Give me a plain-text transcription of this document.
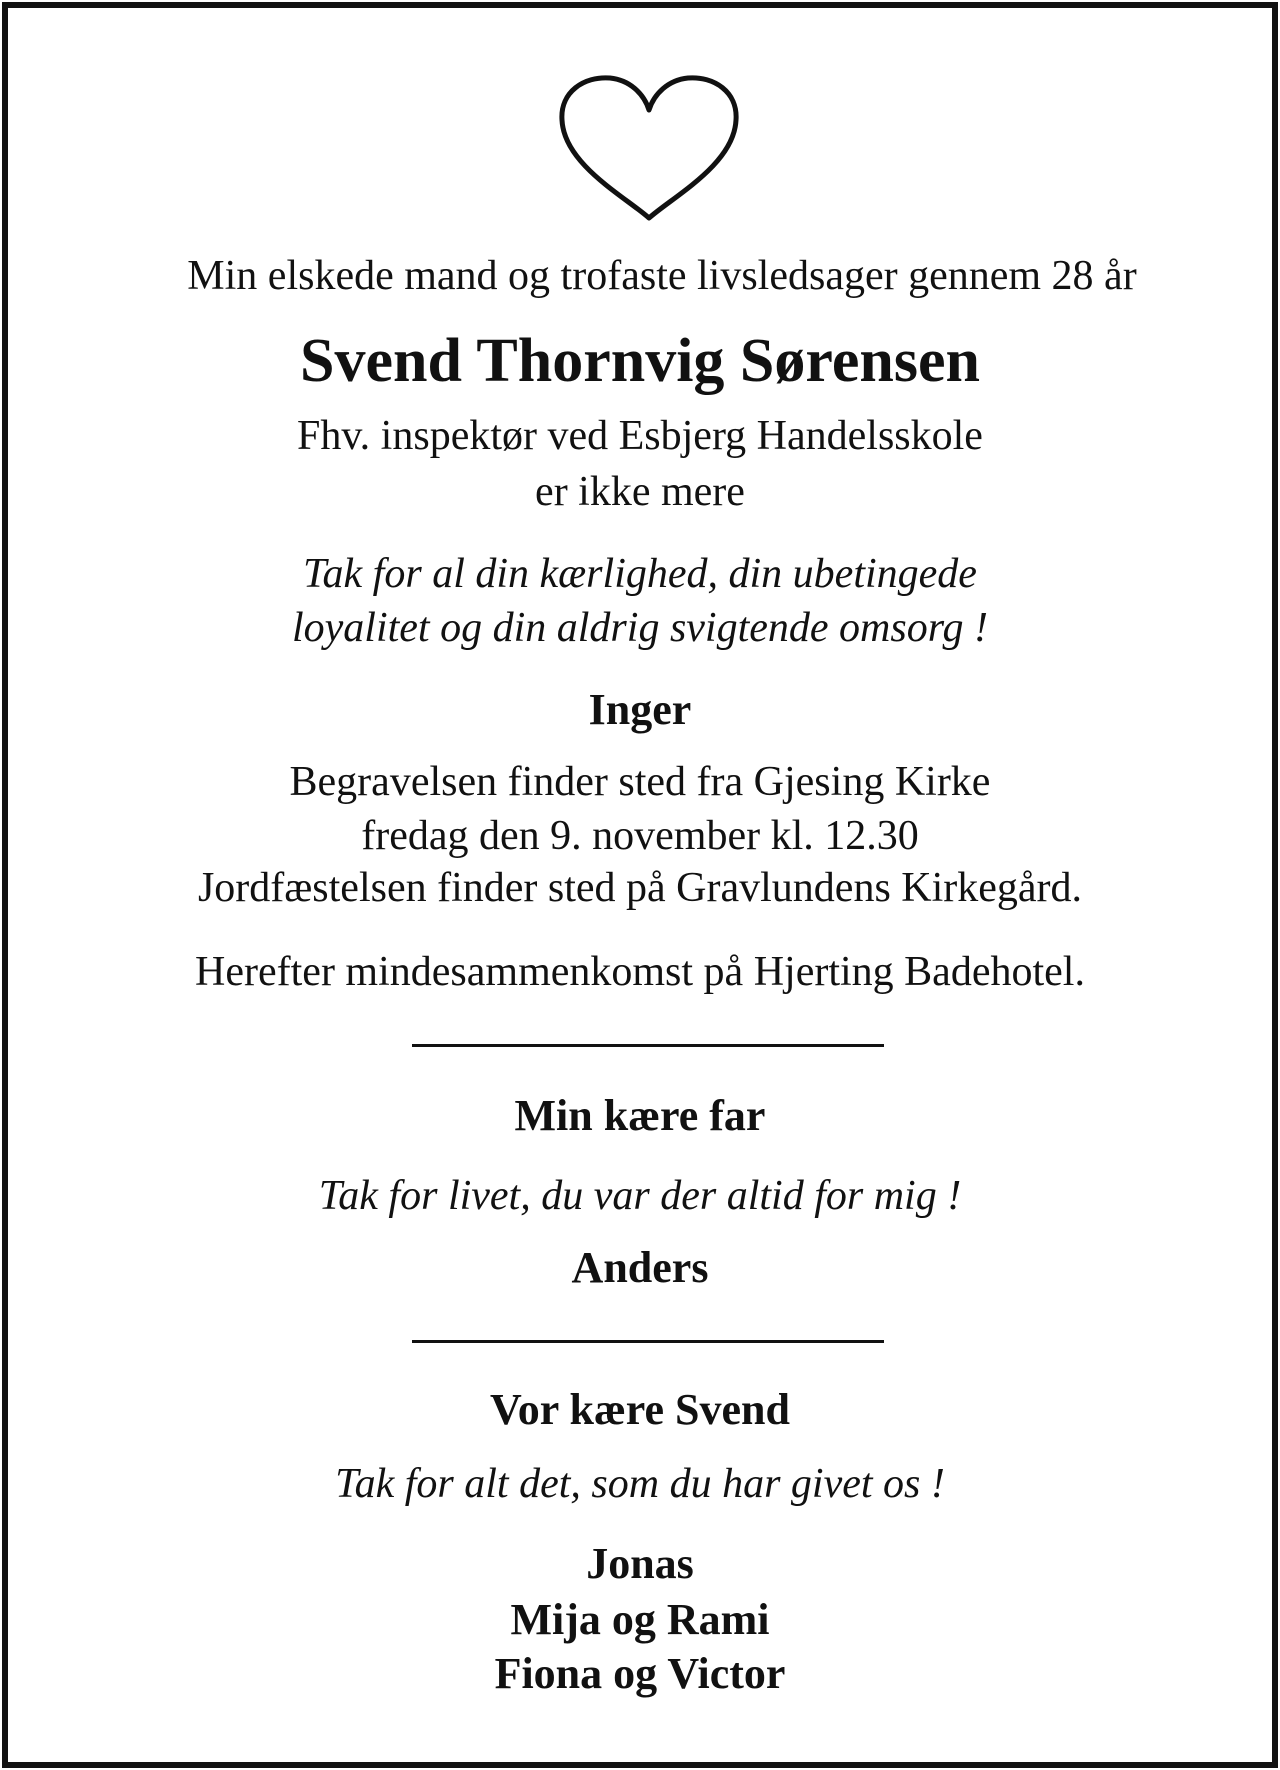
Min elskede mand og trofaste livsledsager gennem 28 år
Svend Thornvig Sørensen
Fhv. inspektør ved Esbjerg Handelsskole
er ikke mere
Tak for al din kærlighed, din ubetingede
loyalitet og din aldrig svigtende omsorg !
Inger
Begravelsen finder sted fra Gjesing Kirke
fredag den 9. november kl. 12.30
Jordfæstelsen finder sted på Gravlundens Kirkegård.
Herefter mindesammenkomst på Hjerting Badehotel.
Min kære far
Tak for livet, du var der altid for mig !
Anders
Vor kære Svend
Tak for alt det, som du har givet os !
Jonas
Mija og Rami
Fiona og Victor
